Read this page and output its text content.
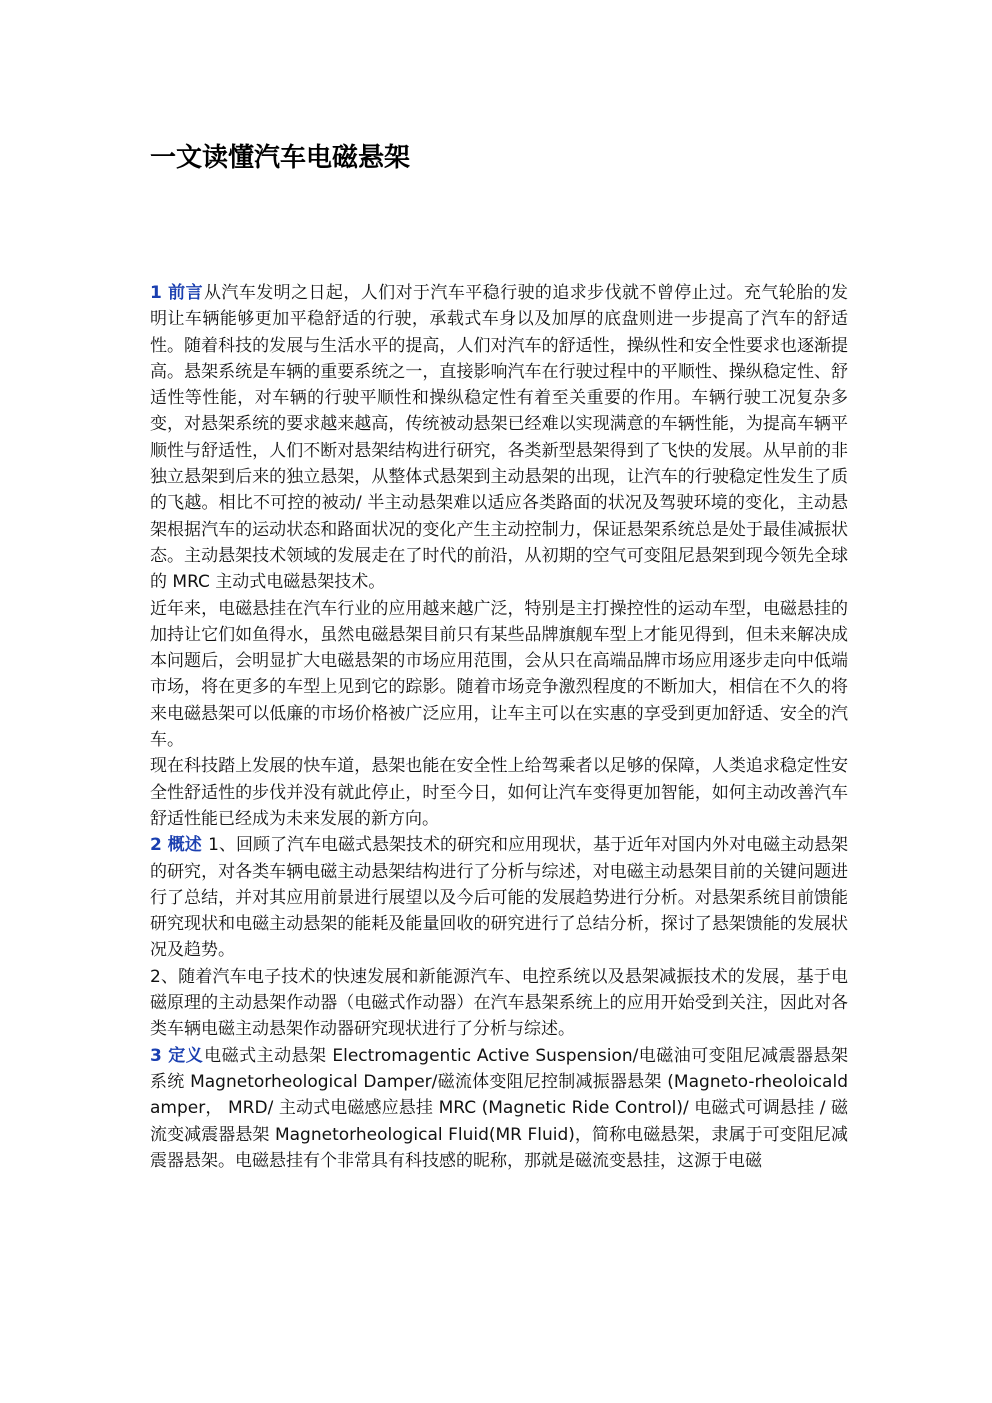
一文读懂汽车电磁悬架

1 前言从汽车发明之日起，人们对于汽车平稳行驶的追求步伐就不曾停止过。充气轮胎的发明让车辆能够更加平稳舒适的行驶，承载式车身以及加厚的底盘则进一步提高了汽车的舒适性。随着科技的发展与生活水平的提高，人们对汽车的舒适性，操纵性和安全性要求也逐渐提高。悬架系统是车辆的重要系统之一，直接影响汽车在行驶过程中的平顺性、操纵稳定性、舒适性等性能，对车辆的行驶平顺性和操纵稳定性有着至关重要的作用。车辆行驶工况复杂多变，对悬架系统的要求越来越高，传统被动悬架已经难以实现满意的车辆性能，为提高车辆平顺性与舒适性，人们不断对悬架结构进行研究，各类新型悬架得到了飞快的发展。从早前的非独立悬架到后来的独立悬架，从整体式悬架到主动悬架的出现，让汽车的行驶稳定性发生了质的飞越。相比不可控的被动/ 半主动悬架难以适应各类路面的状况及驾驶环境的变化，主动悬架根据汽车的运动状态和路面状况的变化产生主动控制力，保证悬架系统总是处于最佳减振状态。主动悬架技术领域的发展走在了时代的前沿，从初期的空气可变阻尼悬架到现今领先全球的 MRC 主动式电磁悬架技术。

近年来，电磁悬挂在汽车行业的应用越来越广泛，特别是主打操控性的运动车型，电磁悬挂的加持让它们如鱼得水，虽然电磁悬架目前只有某些品牌旗舰车型上才能见得到，但未来解决成本问题后，会明显扩大电磁悬架的市场应用范围，会从只在高端品牌市场应用逐步走向中低端市场，将在更多的车型上见到它的踪影。随着市场竞争激烈程度的不断加大，相信在不久的将来电磁悬架可以低廉的市场价格被广泛应用，让车主可以在实惠的享受到更加舒适、安全的汽车。

现在科技踏上发展的快车道，悬架也能在安全性上给驾乘者以足够的保障，人类追求稳定性安全性舒适性的步伐并没有就此停止，时至今日，如何让汽车变得更加智能，如何主动改善汽车舒适性能已经成为未来发展的新方向。

2 概述 1、回顾了汽车电磁式悬架技术的研究和应用现状，基于近年对国内外对电磁主动悬架的研究，对各类车辆电磁主动悬架结构进行了分析与综述，对电磁主动悬架目前的关键问题进行了总结，并对其应用前景进行展望以及今后可能的发展趋势进行分析。对悬架系统目前馈能研究现状和电磁主动悬架的能耗及能量回收的研究进行了总结分析，探讨了悬架馈能的发展状况及趋势。

2、随着汽车电子技术的快速发展和新能源汽车、电控系统以及悬架减振技术的发展，基于电磁原理的主动悬架作动器（电磁式作动器）在汽车悬架系统上的应用开始受到关注，因此对各类车辆电磁主动悬架作动器研究现状进行了分析与综述。

3 定义电磁式主动悬架 Electromagentic Active Suspension/电磁油可变阻尼减震器悬架系统 Magnetorheological Damper/磁流体变阻尼控制减振器悬架 (Magneto-rheoloicaldamper， MRD/ 主动式电磁感应悬挂 MRC (Magnetic Ride Control)/ 电磁式可调悬挂 / 磁流变减震器悬架 Magnetorheological Fluid(MR Fluid)，简称电磁悬架，隶属于可变阻尼减震器悬架。电磁悬挂有个非常具有科技感的昵称，那就是磁流变悬挂，这源于电磁
